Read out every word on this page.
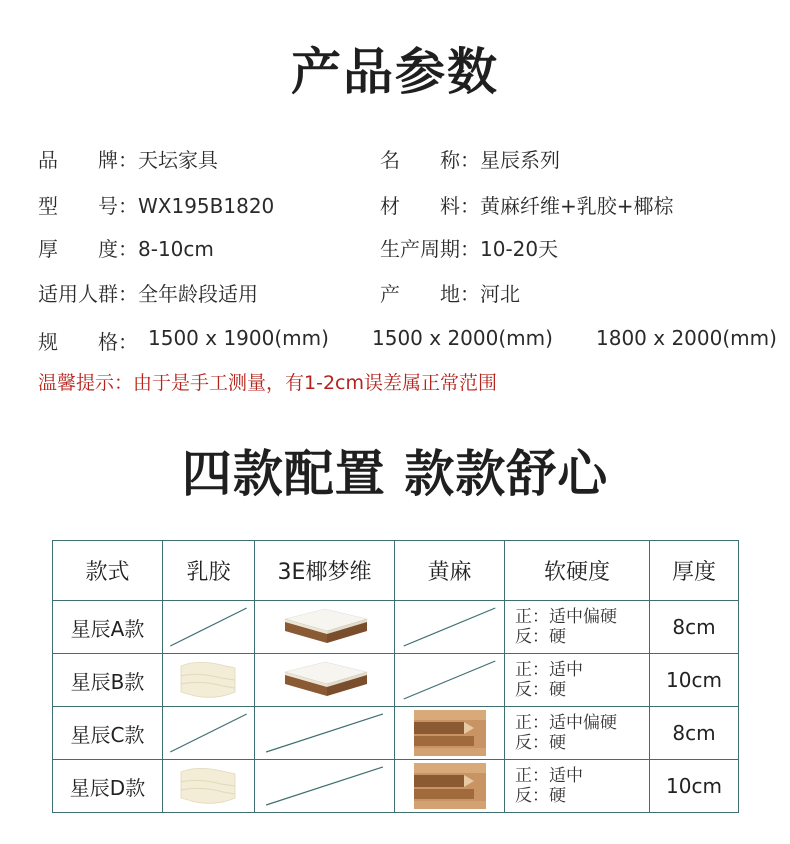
产品参数
品　　牌：天坛家具	名　　称：星辰系列
型　　号：WX195B1820	材　　料：黄麻纤维+乳胶+椰棕
厚　　度：8-10cm	生产周期：10-20天
适用人群：全年龄段适用	产　　地：河北
规　　格： 1500 x 1900(mm) 1500 x 2000(mm) 1800 x 2000(mm)
温馨提示：由于是手工测量，有1-2cm误差属正常范围
四款配置 款款舒心
款式	乳胶	3E椰梦维	黄麻	软硬度	厚度
星辰A款				正：适中偏硬
反：硬	8cm
星辰B款				正：适中
反：硬	10cm
星辰C款				正：适中偏硬
反：硬	8cm
星辰D款				正：适中
反：硬	10cm
